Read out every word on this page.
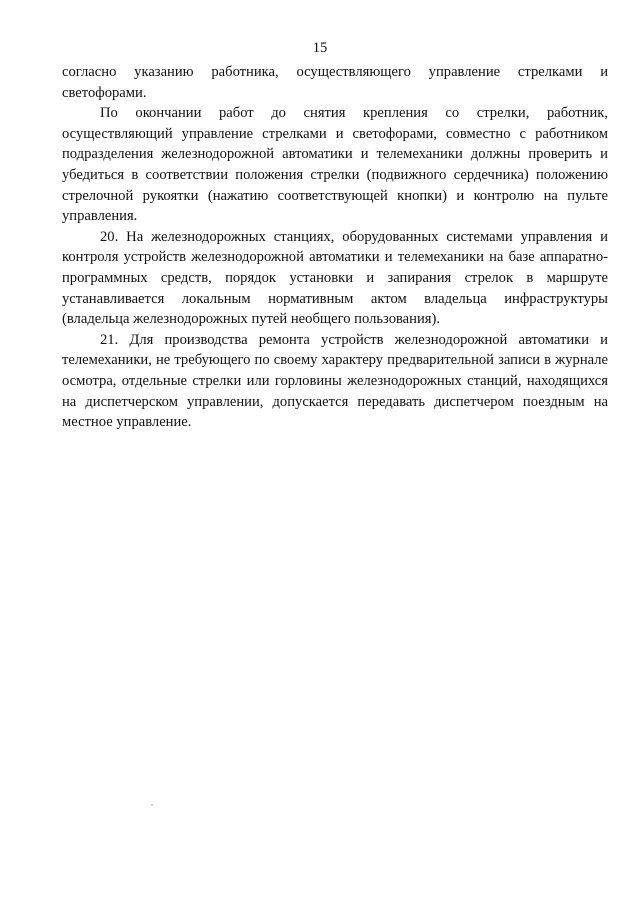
15

согласно указанию работника, осуществляющего управление стрелками и светофорами.

По окончании работ до снятия крепления со стрелки, работник, осуществляющий управление стрелками и светофорами, совместно с работником подразделения железнодорожной автоматики и телемеханики должны проверить и убедиться в соответствии положения стрелки (подвижного сердечника) положению стрелочной рукоятки (нажатию соответствующей кнопки) и контролю на пульте управления.

20. На железнодорожных станциях, оборудованных системами управления и контроля устройств железнодорожной автоматики и телемеханики на базе аппаратно-программных средств, порядок установки и запирания стрелок в маршруте устанавливается локальным нормативным актом владельца инфраструктуры (владельца железнодорожных путей необщего пользования).

21. Для производства ремонта устройств железнодорожной автоматики и телемеханики, не требующего по своему характеру предварительной записи в журнале осмотра, отдельные стрелки или горловины железнодорожных станций, находящихся на диспетчерском управлении, допускается передавать диспетчером поездным на местное управление.
